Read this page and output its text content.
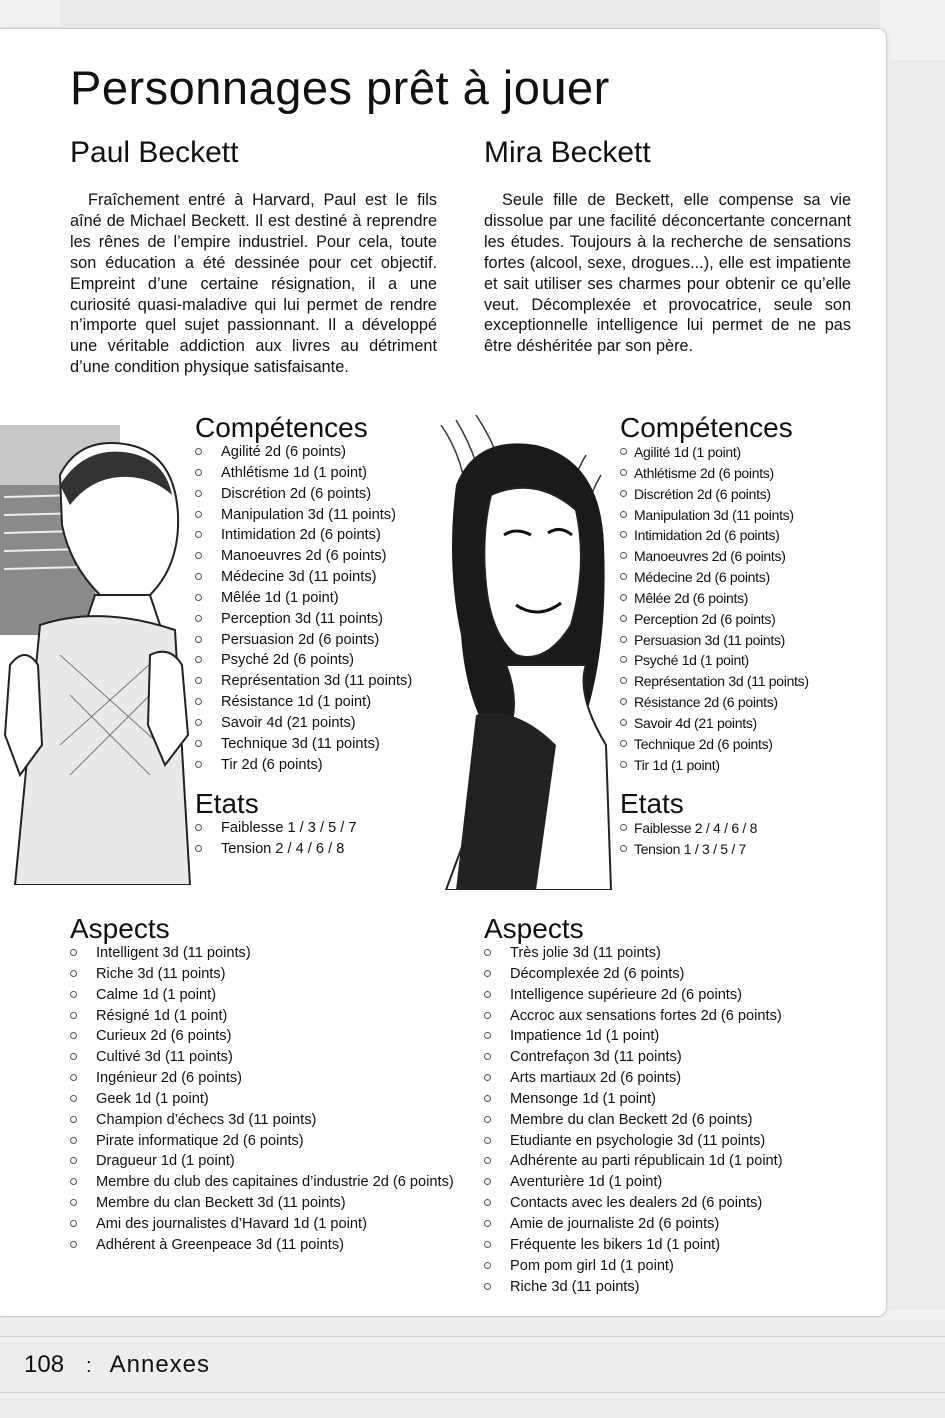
Personnages prêt à jouer
Paul Beckett

Fraîchement entré à Harvard, Paul est le fils aîné de Michael Beckett. Il est destiné à reprendre les rênes de l’empire industriel. Pour cela, toute son éducation a été dessinée pour cet objectif. Empreint d’une certaine résignation, il a une curiosité quasi-maladive qui lui permet de rendre n’importe quel sujet passionnant. Il a développé une véritable addiction aux livres au détriment d’une condition physique satisfaisante.

Compétences
Agilité 2d (6 points)
Athlétisme 1d (1 point)
Discrétion 2d (6 points)
Manipulation 3d (11 points)
Intimidation 2d (6 points)
Manoeuvres 2d (6 points)
Médecine 3d (11 points)
Mêlée 1d (1 point)
Perception 3d (11 points)
Persuasion 2d (6 points)
Psyché 2d (6 points)
Représentation 3d (11 points)
Résistance 1d (1 point)
Savoir 4d (21 points)
Technique 3d (11 points)
Tir 2d (6 points)
Etats
Faiblesse 1 / 3 / 5 / 7
Tension 2 / 4 / 6 / 8
Aspects
Intelligent 3d (11 points)
Riche 3d (11 points)
Calme 1d (1 point)
Résigné 1d (1 point)
Curieux 2d (6 points)
Cultivé 3d (11 points)
Ingénieur 2d (6 points)
Geek 1d (1 point)
Champion d’échecs 3d (11 points)
Pirate informatique 2d (6 points)
Dragueur 1d (1 point)
Membre du club des capitaines d’industrie 2d (6 points)
Membre du clan Beckett 3d (11 points)
Ami des journalistes d’Havard 1d (1 point)
Adhérent à Greenpeace 3d (11 points)
Mira Beckett

Seule fille de Beckett, elle compense sa vie dissolue par une facilité déconcertante concernant les études. Toujours à la recherche de sensations fortes (alcool, sexe, drogues...), elle est impatiente et sait utiliser ses charmes pour obtenir ce qu’elle veut. Décomplexée et provocatrice, seule son exceptionnelle intelligence lui permet de ne pas être déshéritée par son père.

Compétences
Agilité 1d (1 point)
Athlétisme 2d (6 points)
Discrétion 2d (6 points)
Manipulation 3d (11 points)
Intimidation 2d (6 points)
Manoeuvres 2d (6 points)
Médecine 2d (6 points)
Mêlée 2d (6 points)
Perception 2d (6 points)
Persuasion 3d (11 points)
Psyché 1d (1 point)
Représentation 3d (11 points)
Résistance 2d (6 points)
Savoir 4d (21 points)
Technique 2d (6 points)
Tir 1d (1 point)
Etats
Faiblesse 2 / 4 / 6 / 8
Tension 1 / 3 / 5 / 7
Aspects
Très jolie 3d (11 points)
Décomplexée 2d (6 points)
Intelligence supérieure 2d (6 points)
Accroc aux sensations fortes 2d (6 points)
Impatience 1d (1 point)
Contrefaçon 3d (11 points)
Arts martiaux 2d (6 points)
Mensonge 1d (1 point)
Membre du clan Beckett 2d (6 points)
Etudiante en psychologie 3d (11 points)
Adhérente au parti républicain 1d (1 point)
Aventurière 1d (1 point)
Contacts avec les dealers 2d (6 points)
Amie de journaliste 2d (6 points)
Fréquente les bikers 1d (1 point)
Pom pom girl 1d (1 point)
Riche 3d (11 points)
108 : Annexes
